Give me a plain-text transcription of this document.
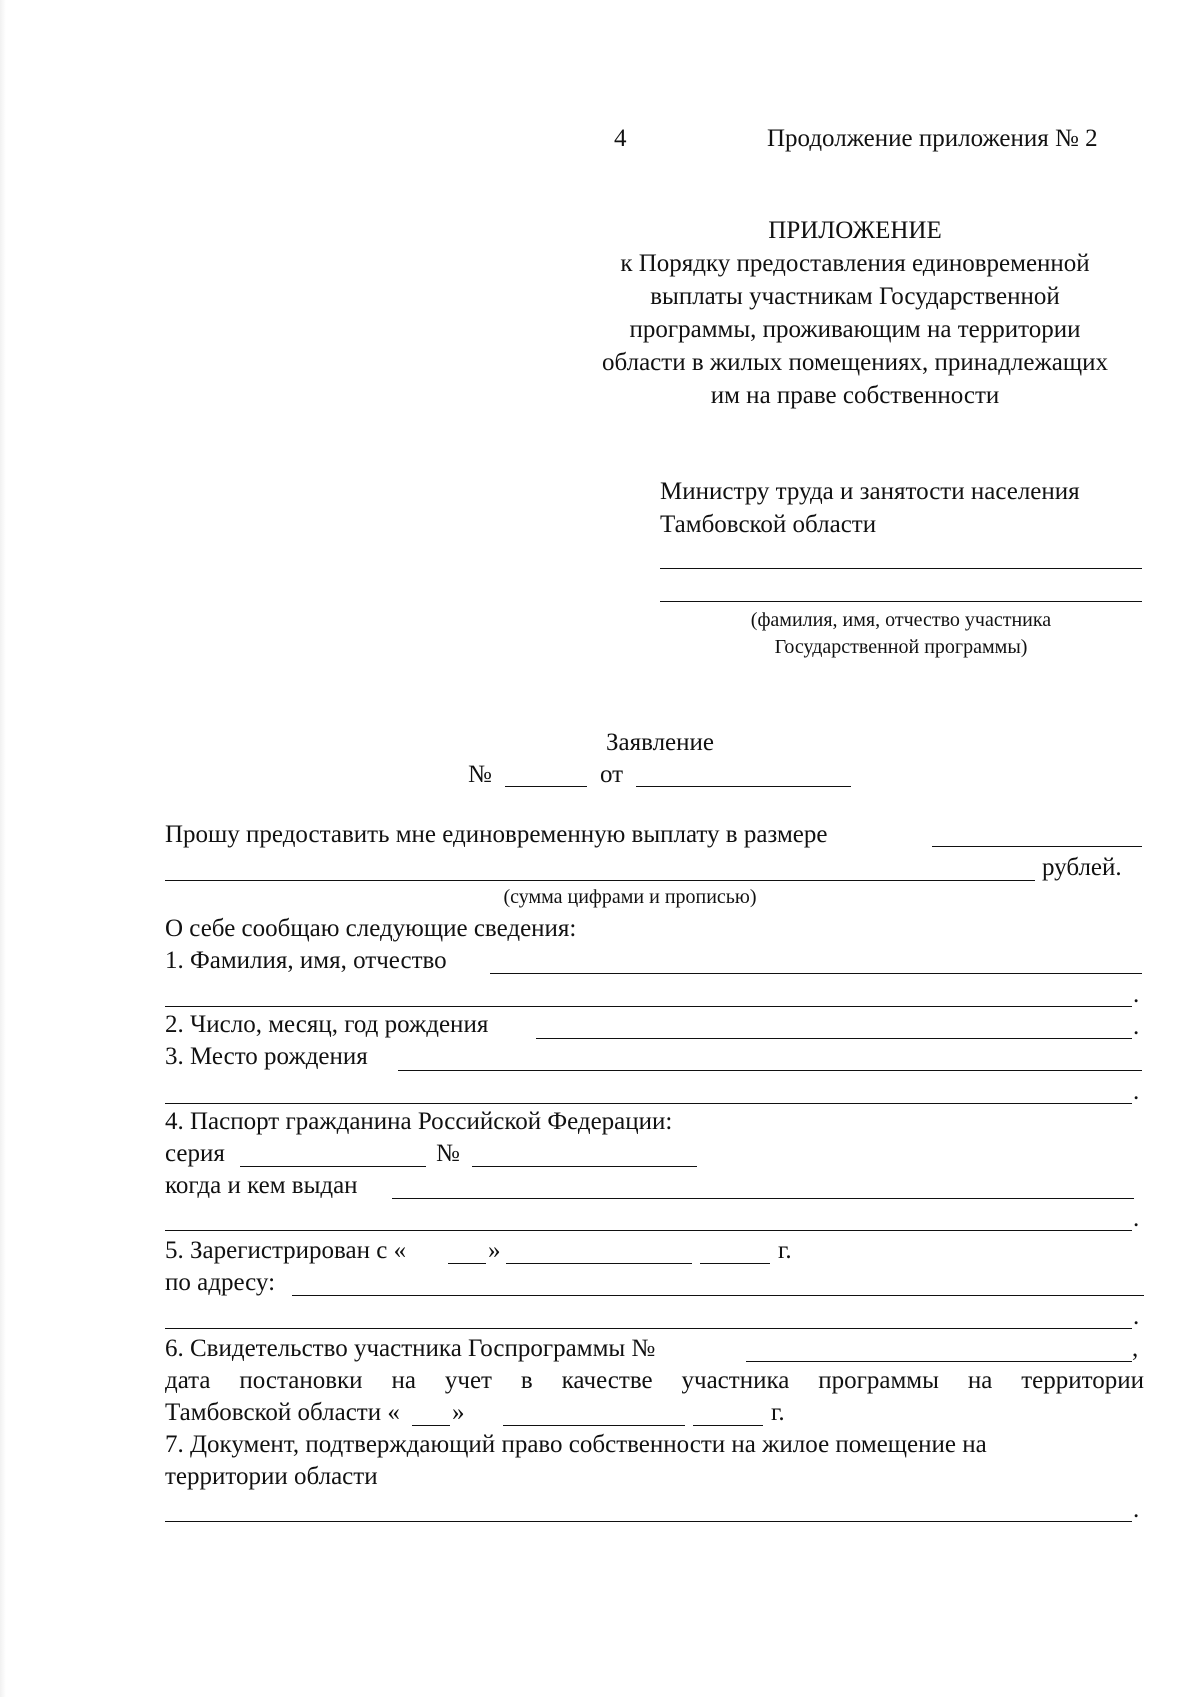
4	Продолжение приложения № 2
ПРИЛОЖЕНИЕ
к Порядку предоставления единовременной
выплаты участникам Государственной
программы, проживающим на территории
области в жилых помещениях, принадлежащих
им на праве собственности
Министру труда и занятости населения
Тамбовской области
(фамилия, имя, отчество участника
Государственной программы)
Заявление
№	от
Прошу предоставить мне единовременную выплату в размере
рублей.
(сумма цифрами и прописью)
О себе сообщаю следующие сведения:
1. Фамилия, имя, отчество
.
2. Число, месяц, год рождения	.
3. Место рождения
.
4. Паспорт гражданина Российской Федерации:
серия	№
когда и кем выдан
.
5. Зарегистрирован с «	»	г.
по адресу:
.
6. Свидетельство участника Госпрограммы №	,
дата постановки на учет в качестве участника программы на территории
Тамбовской области « »	г.
7. Документ, подтверждающий право собственности на жилое помещение на
территории области
.
